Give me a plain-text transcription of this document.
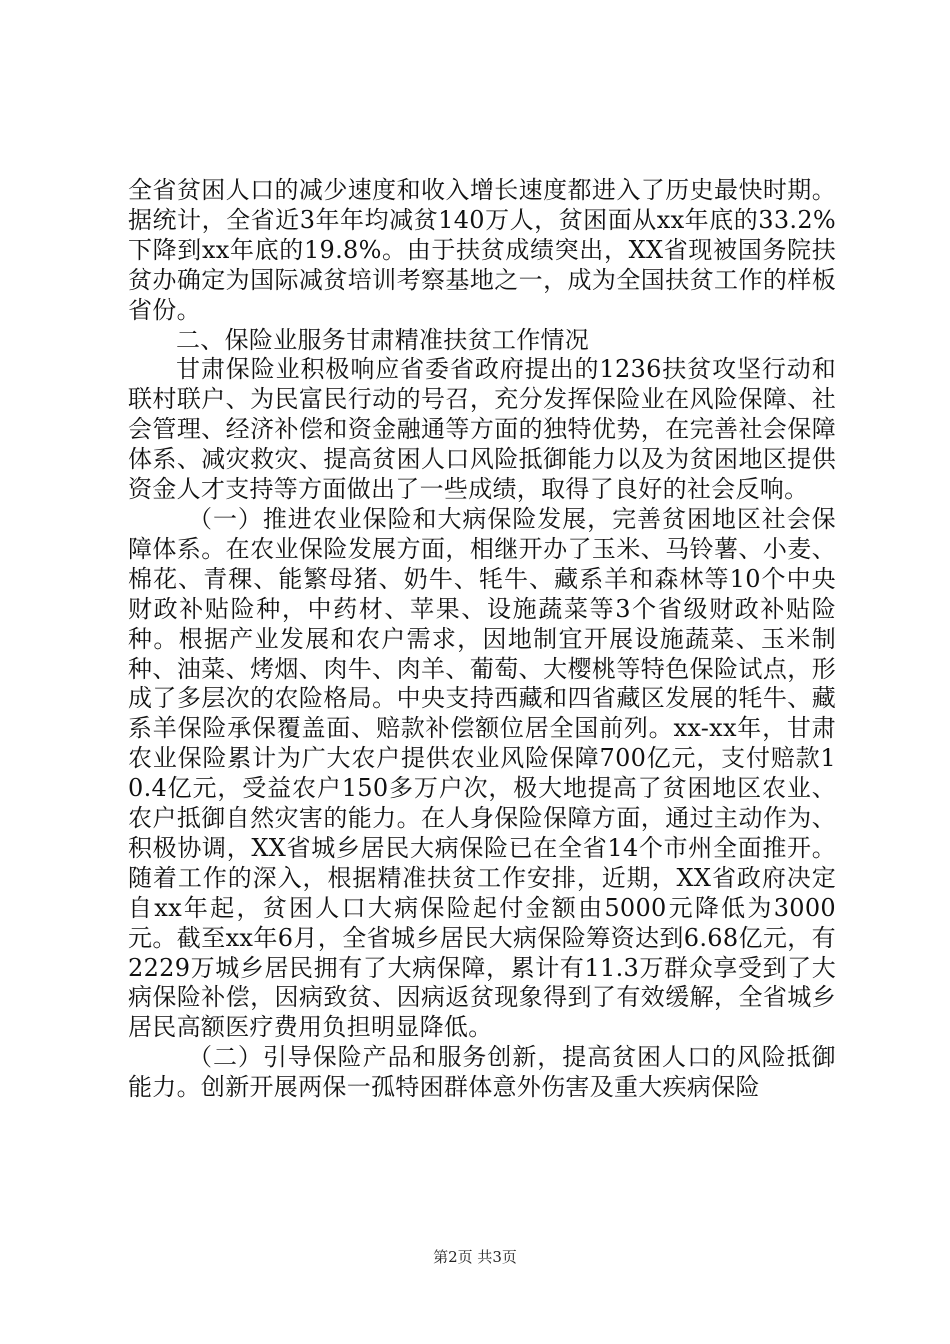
全省贫困人口的减少速度和收入增长速度都进入了历史最快时期。据统计，全省近3年年均减贫140万人，贫困面从xx年底的33.2%下降到xx年底的19.8%。由于扶贫成绩突出，XX省现被国务院扶贫办确定为国际减贫培训考察基地之一，成为全国扶贫工作的样板省份。

二、保险业服务甘肃精准扶贫工作情况

甘肃保险业积极响应省委省政府提出的1236扶贫攻坚行动和联村联户、为民富民行动的号召，充分发挥保险业在风险保障、社会管理、经济补偿和资金融通等方面的独特优势，在完善社会保障体系、减灾救灾、提高贫困人口风险抵御能力以及为贫困地区提供资金人才支持等方面做出了一些成绩，取得了良好的社会反响。

（一）推进农业保险和大病保险发展，完善贫困地区社会保障体系。在农业保险发展方面，相继开办了玉米、马铃薯、小麦、棉花、青稞、能繁母猪、奶牛、牦牛、藏系羊和森林等10个中央财政补贴险种，中药材、苹果、设施蔬菜等3个省级财政补贴险种。根据产业发展和农户需求，因地制宜开展设施蔬菜、玉米制种、油菜、烤烟、肉牛、肉羊、葡萄、大樱桃等特色保险试点，形成了多层次的农险格局。中央支持西藏和四省藏区发展的牦牛、藏系羊保险承保覆盖面、赔款补偿额位居全国前列。xx-xx年，甘肃农业保险累计为广大农户提供农业风险保障700亿元，支付赔款10.4亿元，受益农户150多万户次，极大地提高了贫困地区农业、农户抵御自然灾害的能力。在人身保险保障方面，通过主动作为、积极协调，XX省城乡居民大病保险已在全省14个市州全面推开。随着工作的深入，根据精准扶贫工作安排，近期，XX省政府决定自xx年起，贫困人口大病保险起付金额由5000元降低为3000元。截至xx年6月，全省城乡居民大病保险筹资达到6.68亿元，有2229万城乡居民拥有了大病保障，累计有11.3万群众享受到了大病保险补偿，因病致贫、因病返贫现象得到了有效缓解，全省城乡居民高额医疗费用负担明显降低。

（二）引导保险产品和服务创新，提高贫困人口的风险抵御能力。创新开展两保一孤特困群体意外伤害及重大疾病保险

第2页 共3页
